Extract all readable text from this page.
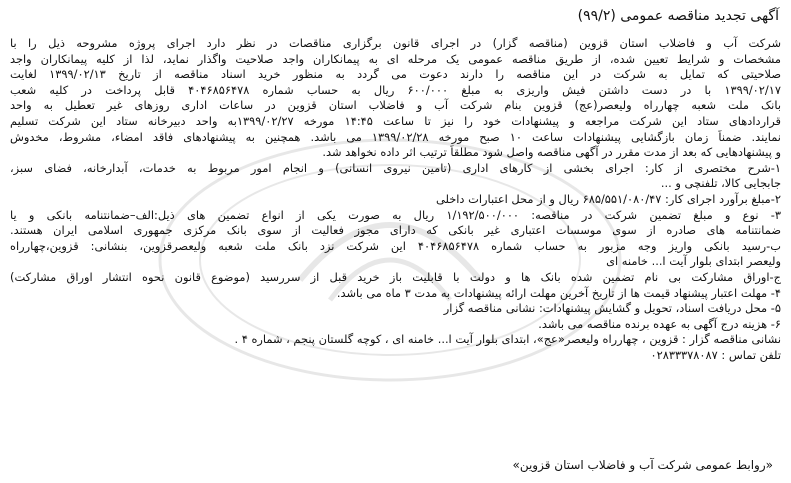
آگهی تجدید مناقصه عمومی (۹۹/۲)
شرکت آب و فاضلاب استان قزوین (مناقصه گزار) در اجرای قانون برگزاری مناقصات در نظر دارد اجرای پروژه مشروحه ذیل را با
مشخصات و شرایط تعیین شده، از طریق مناقصه عمومی یک مرحله ای به پیمانکاران واجد صلاحیت واگذار نماید، لذا از کلیه پیمانکاران واجد
صلاحیتی که تمایل به شرکت در این مناقصه را دارند دعوت می گردد به منظور خرید اسناد مناقصه از تاریخ ۱۳۹۹/۰۲/۱۳ لغایت
۱۳۹۹/۰۲/۱۷ با در دست داشتن فیش واریزی به مبلغ ۶۰۰/۰۰۰ ریال به حساب شماره ۴۰۴۶۸۵۶۴۷۸ قابل پرداخت در کلیه شعب
بانک ملت شعبه چهارراه ولیعصر(عج) قزوین بنام شرکت آب و فاضلاب استان قزوین در ساعات اداری روزهای غیر تعطیل به واحد
قراردادهای ستاد این شرکت مراجعه و پیشنهادات خود را نیز تا ساعت ۱۴:۴۵ مورخه ۱۳۹۹/۰۲/۲۷به واحد دبیرخانه ستاد این شرکت تسلیم
نمایند. ضمناً زمان بازگشایی پیشنهادات ساعت ۱۰ صبح مورخه ۱۳۹۹/۰۲/۲۸ می باشد. همچنین به پیشنهادهای فاقد امضاء، مشروط، مخدوش
و پیشنهادهایی که بعد از مدت مقرر در آگهی مناقصه واصل شود مطلقاً ترتیب اثر داده نخواهد شد.
۱-شرح مختصری از کار: اجرای بخشی از کارهای اداری (تامین نیروی انسانی) و انجام امور مربوط به خدمات، آبدارخانه، فضای سبز،
جابجایی کالا، تلفنچی و ...
۲-مبلغ برآورد اجرای کار: ۶۸۵/۵۵۱/۰۸۰/۴۷ ریال و از محل اعتبارات داخلی
۳- نوع و مبلغ تضمین شرکت در مناقصه: ۱/۱۹۲/۵۰۰/۰۰۰ ریال به صورت یکی از انواع تضمین های ذیل:الف–ضمانتنامه بانکی و یا
ضمانتنامه های صادره از سوی موسسات اعتباری غیر بانکی که دارای مجوز فعالیت از سوی بانک مرکزی جمهوری اسلامی ایران هستند.
ب-رسید بانکی واریز وجه مزبور به حساب شماره ۴۰۴۶۸۵۶۴۷۸ این شرکت نزد بانک ملت شعبه ولیعصرقزوین، بنشانی: قزوین،چهارراه
ولیعصر ابتدای بلوار آیت ا... خامنه ای
ج-اوراق مشارکت بی نام تضمین شده بانک ها و دولت با قابلیت باز خرید قبل از سررسید (موضوع قانون نحوه انتشار اوراق مشارکت)
۴- مهلت اعتبار پیشنهاد قیمت ها از تاریخ آخرین مهلت ارائه پیشنهادات به مدت ۳ ماه می باشد.
۵- محل دریافت اسناد، تحویل و گشایش پیشنهادات: نشانی مناقصه گزار
۶- هزینه درج آگهی به عهده برنده مناقصه می باشد.
نشانی مناقصه گزار : قزوین ، چهارراه ولیعصر«عج»، ابتدای بلوار آیت ا... خامنه ای ، کوچه گلستان پنجم ، شماره ۴ .
تلفن تماس : ۰۲۸۳۳۳۷۸۰۸۷
«روابط عمومی شرکت آب و فاضلاب استان قزوین»
